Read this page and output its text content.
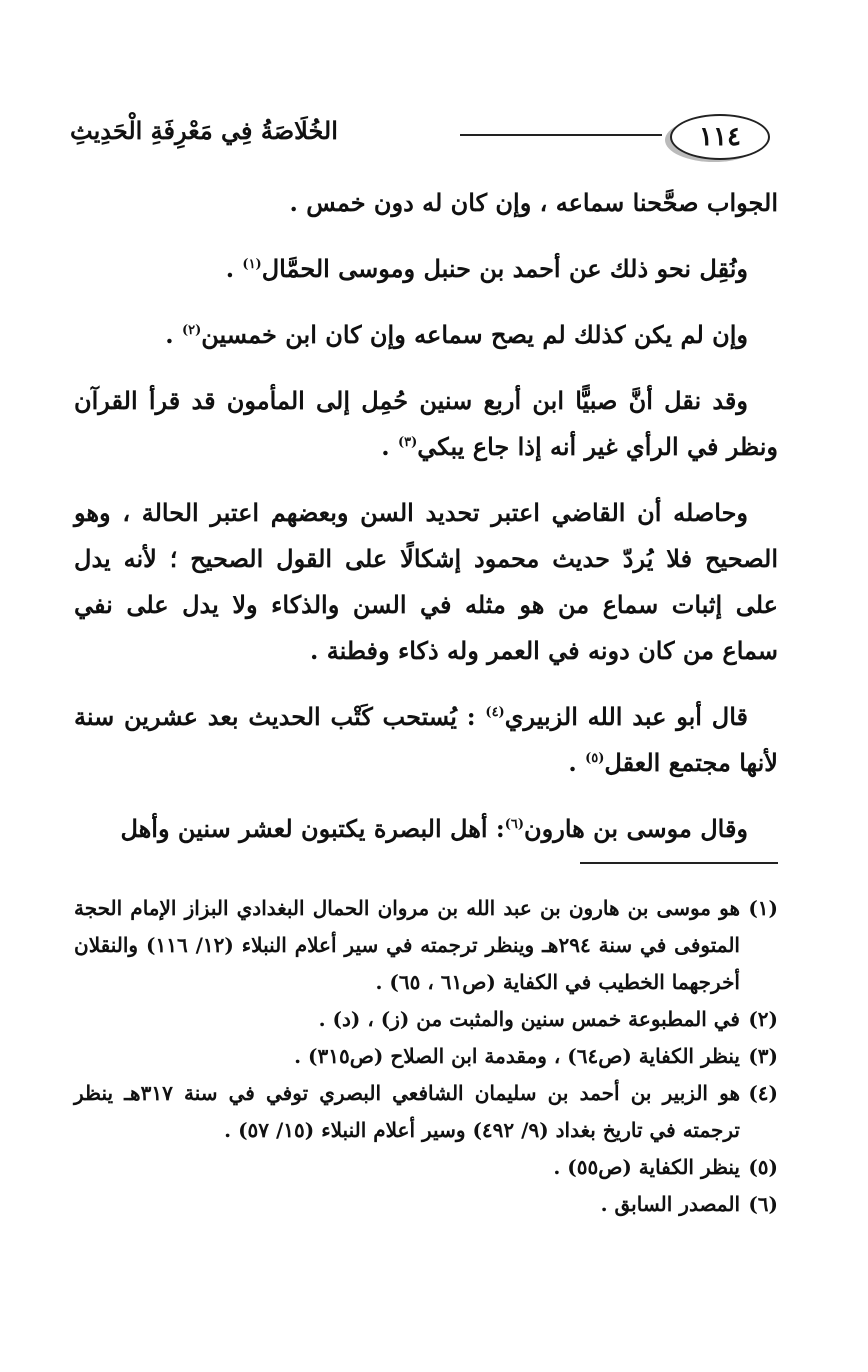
١١٤
الخُلَاصَةُ فِي مَعْرِفَةِ الْحَدِيثِ

الجواب صحَّحنا سماعه ، وإن كان له دون خمس .

ونُقِل نحو ذلك عن أحمد بن حنبل وموسى الحمَّال$^{(١)}$ .

وإن لم يكن كذلك لم يصح سماعه وإن كان ابن خمسين$^{(٢)}$ .

وقد نقل أنَّ صبيًّا ابن أربع سنين حُمِل إلى المأمون قد قرأ القرآن ونظر في الرأي غير أنه إذا جاع يبكي$^{(٣)}$ .

وحاصله أن القاضي اعتبر تحديد السن وبعضهم اعتبر الحالة ، وهو الصحيح فلا يُردّ حديث محمود إشكالًا على القول الصحيح ؛ لأنه يدل على إثبات سماع من هو مثله في السن والذكاء ولا يدل على نفي سماع من كان دونه في العمر وله ذكاء وفطنة .

قال أبو عبد الله الزبيري$^{(٤)}$ : يُستحب كَتْب الحديث بعد عشرين سنة لأنها مجتمع العقل$^{(٥)}$ .

وقال موسى بن هارون$^{(٦)}$: أهل البصرة يكتبون لعشر سنين وأهل

(١)
هو موسى بن هارون بن عبد الله بن مروان الحمال البغدادي البزاز الإمام الحجة المتوفى في سنة ٢٩٤هـ وينظر ترجمته في سير أعلام النبلاء (١٢/ ١١٦) والنقلان أخرجهما الخطيب في الكفاية (ص٦١ ، ٦٥) .

(٢)
في المطبوعة خمس سنين والمثبت من (ز) ، (د) .

(٣)
ينظر الكفاية (ص٦٤) ، ومقدمة ابن الصلاح (ص٣١٥) .

(٤)
هو الزبير بن أحمد بن سليمان الشافعي البصري توفي في سنة ٣١٧هـ ينظر ترجمته في تاريخ بغداد (٩/ ٤٩٢) وسير أعلام النبلاء (١٥/ ٥٧) .

(٥)
ينظر الكفاية (ص٥٥) .

(٦)
المصدر السابق .
